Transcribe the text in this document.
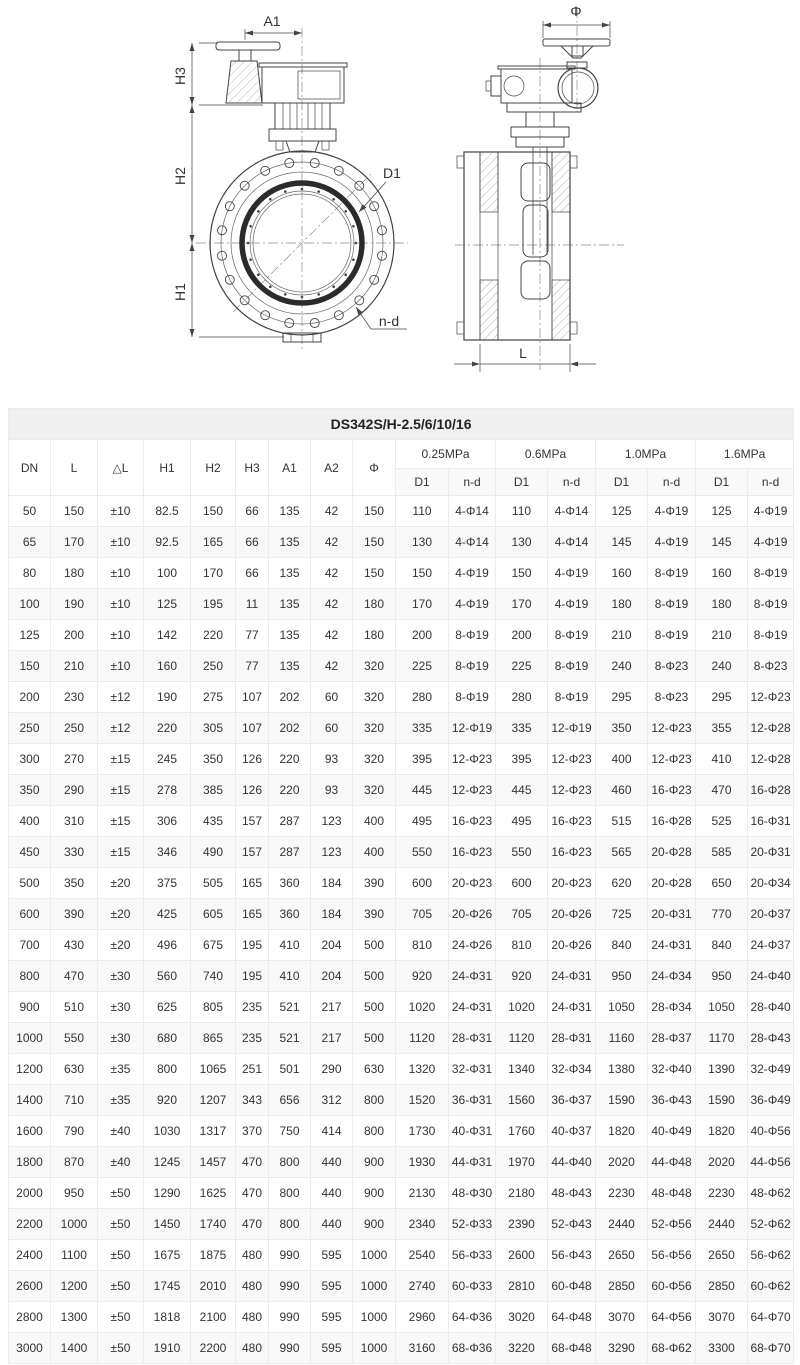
A1
H3
H2
H1
D1
n-d
Φ
L
DS342S/H-2.5/6/10/16																
DN	L	△L	H1	H2	H3	A1	A2	Φ	0.25MPa		0.6MPa		1.0MPa		1.6MPa	
									D1	n-d	D1	n-d	D1	n-d	D1	n-d
50	150	±10	82.5	150	66	135	42	150	110	4-Φ14	110	4-Φ14	125	4-Φ19	125	4-Φ19
65	170	±10	92.5	165	66	135	42	150	130	4-Φ14	130	4-Φ14	145	4-Φ19	145	4-Φ19
80	180	±10	100	170	66	135	42	150	150	4-Φ19	150	4-Φ19	160	8-Φ19	160	8-Φ19
100	190	±10	125	195	11	135	42	180	170	4-Φ19	170	4-Φ19	180	8-Φ19	180	8-Φ19
125	200	±10	142	220	77	135	42	180	200	8-Φ19	200	8-Φ19	210	8-Φ19	210	8-Φ19
150	210	±10	160	250	77	135	42	320	225	8-Φ19	225	8-Φ19	240	8-Φ23	240	8-Φ23
200	230	±12	190	275	107	202	60	320	280	8-Φ19	280	8-Φ19	295	8-Φ23	295	12-Φ23
250	250	±12	220	305	107	202	60	320	335	12-Φ19	335	12-Φ19	350	12-Φ23	355	12-Φ28
300	270	±15	245	350	126	220	93	320	395	12-Φ23	395	12-Φ23	400	12-Φ23	410	12-Φ28
350	290	±15	278	385	126	220	93	320	445	12-Φ23	445	12-Φ23	460	16-Φ23	470	16-Φ28
400	310	±15	306	435	157	287	123	400	495	16-Φ23	495	16-Φ23	515	16-Φ28	525	16-Φ31
450	330	±15	346	490	157	287	123	400	550	16-Φ23	550	16-Φ23	565	20-Φ28	585	20-Φ31
500	350	±20	375	505	165	360	184	390	600	20-Φ23	600	20-Φ23	620	20-Φ28	650	20-Φ34
600	390	±20	425	605	165	360	184	390	705	20-Φ26	705	20-Φ26	725	20-Φ31	770	20-Φ37
700	430	±20	496	675	195	410	204	500	810	24-Φ26	810	20-Φ26	840	24-Φ31	840	24-Φ37
800	470	±30	560	740	195	410	204	500	920	24-Φ31	920	24-Φ31	950	24-Φ34	950	24-Φ40
900	510	±30	625	805	235	521	217	500	1020	24-Φ31	1020	24-Φ31	1050	28-Φ34	1050	28-Φ40
1000	550	±30	680	865	235	521	217	500	1120	28-Φ31	1120	28-Φ31	1160	28-Φ37	1170	28-Φ43
1200	630	±35	800	1065	251	501	290	630	1320	32-Φ31	1340	32-Φ34	1380	32-Φ40	1390	32-Φ49
1400	710	±35	920	1207	343	656	312	800	1520	36-Φ31	1560	36-Φ37	1590	36-Φ43	1590	36-Φ49
1600	790	±40	1030	1317	370	750	414	800	1730	40-Φ31	1760	40-Φ37	1820	40-Φ49	1820	40-Φ56
1800	870	±40	1245	1457	470	800	440	900	1930	44-Φ31	1970	44-Φ40	2020	44-Φ48	2020	44-Φ56
2000	950	±50	1290	1625	470	800	440	900	2130	48-Φ30	2180	48-Φ43	2230	48-Φ48	2230	48-Φ62
2200	1000	±50	1450	1740	470	800	440	900	2340	52-Φ33	2390	52-Φ43	2440	52-Φ56	2440	52-Φ62
2400	1100	±50	1675	1875	480	990	595	1000	2540	56-Φ33	2600	56-Φ43	2650	56-Φ56	2650	56-Φ62
2600	1200	±50	1745	2010	480	990	595	1000	2740	60-Φ33	2810	60-Φ48	2850	60-Φ56	2850	60-Φ62
2800	1300	±50	1818	2100	480	990	595	1000	2960	64-Φ36	3020	64-Φ48	3070	64-Φ56	3070	64-Φ70
3000	1400	±50	1910	2200	480	990	595	1000	3160	68-Φ36	3220	68-Φ48	3290	68-Φ62	3300	68-Φ70
